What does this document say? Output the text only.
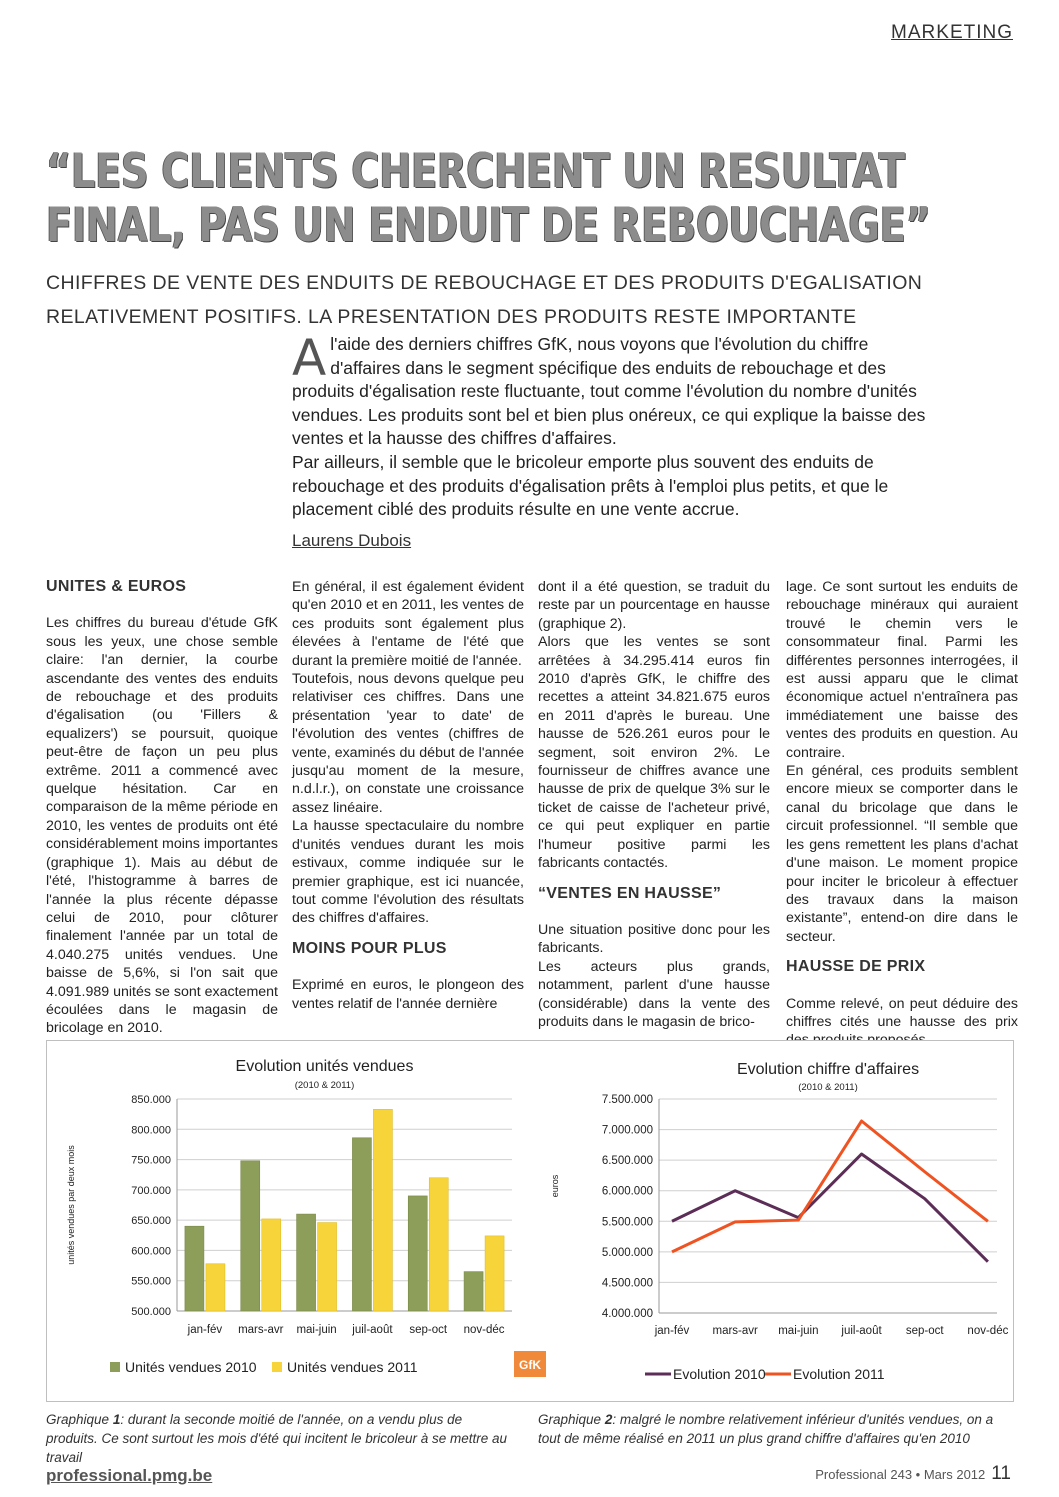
MARKETING
“LES CLIENTS CHERCHENT UN RESULTAT
FINAL, PAS UN ENDUIT DE REBOUCHAGE”
CHIFFRES DE VENTE DES ENDUITS DE REBOUCHAGE ET DES PRODUITS D'EGALISATION
RELATIVEMENT POSITIFS. LA PRESENTATION DES PRODUITS RESTE IMPORTANTE
A l'aide des derniers chiffres GfK, nous voyons que l'évolution du chiffre d'affaires dans le segment spécifique des enduits de rebouchage et des produits d'égalisation reste fluctuante, tout comme l'évolution du nombre d'unités vendues. Les produits sont bel et bien plus onéreux, ce qui explique la baisse des ventes et la hausse des chiffres d'affaires.

Par ailleurs, il semble que le bricoleur emporte plus souvent des enduits de rebouchage et des produits d'égalisation prêts à l'emploi plus petits, et que le placement ciblé des produits résulte en une vente accrue.

Laurens Dubois
UNITES & EUROS

Les chiffres du bureau d'étude GfK sous les yeux, une chose semble claire: l'an dernier, la courbe ascendante des ventes des enduits de rebouchage et des produits d'égalisation (ou 'Fillers & equalizers') se poursuit, quoique peut-être de façon un peu plus extrême. 2011 a commencé avec quelque hésitation. Car en comparaison de la même période en 2010, les ventes de produits ont été considérablement moins importantes (graphique 1). Mais au début de l'été, l'histogramme à barres de l'année la plus récente dépasse celui de 2010, pour clôturer finalement l'année par un total de 4.040.275 unités vendues. Une baisse de 5,6%, si l'on sait que 4.091.989 unités se sont exactement écoulées dans le magasin de bricolage en 2010.

En général, il est également évident qu'en 2010 et en 2011, les ventes de ces produits sont également plus élevées à l'entame de l'été que durant la première moitié de l'année.

Toutefois, nous devons quelque peu relativiser ces chiffres. Dans une présentation 'year to date' de l'évolution des ventes (chiffres de vente, examinés du début de l'année jusqu'au moment de la mesure, n.d.l.r.), on constate une croissance assez linéaire.

La hausse spectaculaire du nombre d'unités vendues durant les mois estivaux, comme indiquée sur le premier graphique, est ici nuancée, tout comme l'évolution des résultats des chiffres d'affaires.

MOINS POUR PLUS

Exprimé en euros, le plongeon des ventes relatif de l'année dernière

dont il a été question, se traduit du reste par un pourcentage en hausse (graphique 2).

Alors que les ventes se sont arrêtées à 34.295.414 euros fin 2010 d'après GfK, le chiffre des recettes a atteint 34.821.675 euros en 2011 d'après le bureau. Une hausse de 526.261 euros pour le segment, soit environ 2%. Le fournisseur de chiffres avance une hausse de prix de quelque 3% sur le ticket de caisse de l'acheteur privé, ce qui peut expliquer en partie l'humeur positive parmi les fabricants contactés.

“VENTES EN HAUSSE”

Une situation positive donc pour les fabricants.

Les acteurs plus grands, notamment, parlent d'une hausse (considérable) dans la vente des produits dans le magasin de brico-

lage. Ce sont surtout les enduits de rebouchage minéraux qui auraient trouvé le chemin vers le consommateur final. Parmi les différentes personnes interrogées, il est aussi apparu que le climat économique actuel n'entraînera pas immédiatement une baisse des ventes des produits en question. Au contraire.

En général, ces produits semblent encore mieux se comporter dans le canal du bricolage que dans le circuit professionnel. “Il semble que les gens remettent les plans d'achat d'une maison. Le moment propice pour inciter le bricoleur à effectuer des travaux dans la maison existante”, entend-on dire dans le secteur.

HAUSSE DE PRIX

Comme relevé, on peut déduire des chiffres cités une hausse des prix

Evolution unités vendues
(2010 & 2011)
500.000
550.000
600.000
650.000
700.000
750.000
800.000
850.000
unités vendues par deux mois
jan-fév mars-avr mai-juin juil-août sep-oct nov-déc
Unités vendues 2010 Unités vendues 2011	GfK
Evolution chiffre d'affaires
(2010 & 2011)
4.000.000
4.500.000
5.000.000
5.500.000
6.000.000
6.500.000
7.000.000
7.500.000
euros
jan-fév mars-avr mai-juin juil-août sep-oct nov-déc
Evolution 2010 Evolution 2011
Graphique 1: durant la seconde moitié de l'année, on a vendu plus de produits. Ce sont surtout les mois d'été qui incitent le bricoleur à se mettre au travail
Graphique 2: malgré le nombre relativement inférieur d'unités vendues, on a tout de même réalisé en 2011 un plus grand chiffre d'affaires qu'en 2010
professional.pmg.be	Professional 243 • Mars 2012 11
